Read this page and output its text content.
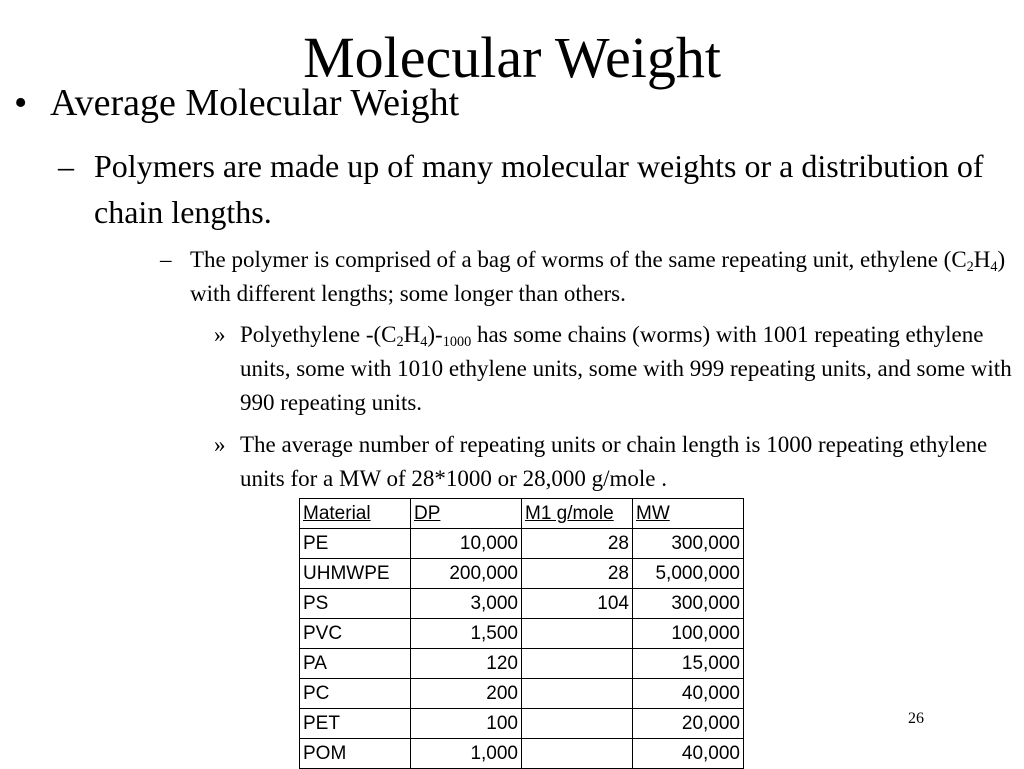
Molecular Weight
• Average Molecular Weight
– Polymers are made up of many molecular weights or a distribution of chain lengths.
– The polymer is comprised of a bag of worms of the same repeating unit, ethylene $(C_2H_4)$ with different lengths; some longer than others.
» Polyethylene $-(C_2H_4)-_{1000}$ has some chains (worms) with 1001 repeating ethylene units, some with 1010 ethylene units, some with 999 repeating units, and some with 990 repeating units.
» The average number of repeating units or chain length is 1000 repeating ethylene units for a MW of 28*1000 or 28,000 g/mole .
Material	DP	M1 g/mole	MW
PE	10,000	28	300,000
UHMWPE	200,000	28	5,000,000
PS	3,000	104	300,000
PVC	1,500		100,000
PA	120		15,000
PC	200		40,000
PET	100		20,000
POM	1,000		40,000
26
